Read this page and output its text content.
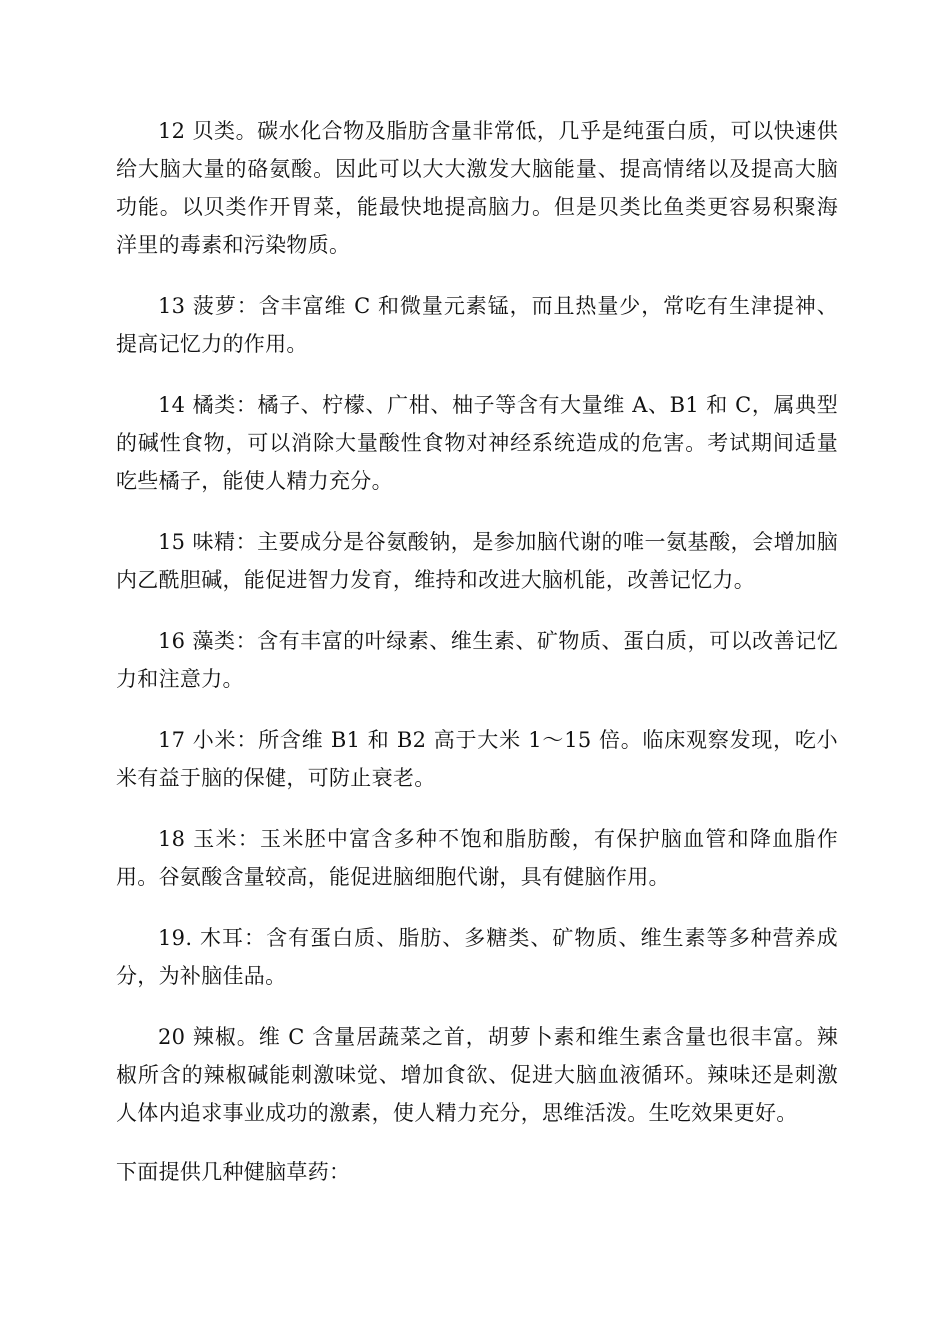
12 贝类。碳水化合物及脂肪含量非常低，几乎是纯蛋白质，可以快速供给大脑大量的硌氨酸。因此可以大大激发大脑能量、提高情绪以及提高大脑功能。以贝类作开胃菜，能最快地提高脑力。但是贝类比鱼类更容易积聚海洋里的毒素和污染物质。

13 菠萝：含丰富维 C 和微量元素锰，而且热量少，常吃有生津提神、提高记忆力的作用。

14 橘类：橘子、柠檬、广柑、柚子等含有大量维 A、B1 和 C，属典型的碱性食物，可以消除大量酸性食物对神经系统造成的危害。考试期间适量吃些橘子，能使人精力充分。

15 味精：主要成分是谷氨酸钠，是参加脑代谢的唯一氨基酸，会增加脑内乙酰胆碱，能促进智力发育，维持和改进大脑机能，改善记忆力。

16 藻类：含有丰富的叶绿素、维生素、矿物质、蛋白质，可以改善记忆力和注意力。

17 小米：所含维 B1 和 B2 高于大米 1～15 倍。临床观察发现，吃小米有益于脑的保健，可防止衰老。

18 玉米：玉米胚中富含多种不饱和脂肪酸，有保护脑血管和降血脂作用。谷氨酸含量较高，能促进脑细胞代谢，具有健脑作用。

19. 木耳：含有蛋白质、脂肪、多糖类、矿物质、维生素等多种营养成分，为补脑佳品。

20 辣椒。维 C 含量居蔬菜之首，胡萝卜素和维生素含量也很丰富。辣椒所含的辣椒碱能刺激味觉、增加食欲、促进大脑血液循环。辣味还是刺激人体内追求事业成功的激素，使人精力充分，思维活泼。生吃效果更好。

下面提供几种健脑草药：
